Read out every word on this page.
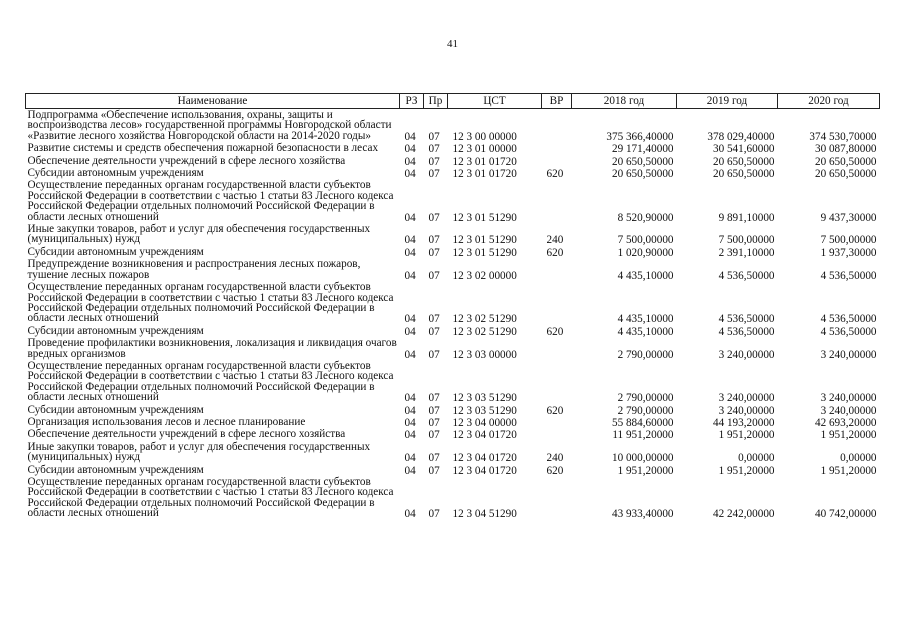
41
Наименование	РЗ	Пр	ЦСТ	ВР	2018 год	2019 год	2020 год
Подпрограмма «Обеспечение использования, охраны, защиты и воспроизводства лесов» государственной программы Новгородской области «Развитие лесного хозяйства Новгородской области на 2014-2020 годы»	04	07	12 3 00 00000		375 366,40000	378 029,40000	374 530,70000
Развитие системы и средств обеспечения пожарной безопасности в лесах	04	07	12 3 01 00000		29 171,40000	30 541,60000	30 087,80000
Обеспечение деятельности учреждений в сфере лесного хозяйства	04	07	12 3 01 01720		20 650,50000	20 650,50000	20 650,50000
Субсидии автономным учреждениям	04	07	12 3 01 01720	620	20 650,50000	20 650,50000	20 650,50000
Осуществление переданных органам государственной власти субъектов Российской Федерации в соответствии с частью 1 статьи 83 Лесного кодекса Российской Федерации отдельных полномочий Российской Федерации в области лесных отношений	04	07	12 3 01 51290		8 520,90000	9 891,10000	9 437,30000
Иные закупки товаров, работ и услуг для обеспечения государственных (муниципальных) нужд	04	07	12 3 01 51290	240	7 500,00000	7 500,00000	7 500,00000
Субсидии автономным учреждениям	04	07	12 3 01 51290	620	1 020,90000	2 391,10000	1 937,30000
Предупреждение возникновения и распространения лесных пожаров, тушение лесных пожаров	04	07	12 3 02 00000		4 435,10000	4 536,50000	4 536,50000
Осуществление переданных органам государственной власти субъектов Российской Федерации в соответствии с частью 1 статьи 83 Лесного кодекса Российской Федерации отдельных полномочий Российской Федерации в области лесных отношений	04	07	12 3 02 51290		4 435,10000	4 536,50000	4 536,50000
Субсидии автономным учреждениям	04	07	12 3 02 51290	620	4 435,10000	4 536,50000	4 536,50000
Проведение профилактики возникновения, локализация и ликвидация очагов вредных организмов	04	07	12 3 03 00000		2 790,00000	3 240,00000	3 240,00000
Осуществление переданных органам государственной власти субъектов Российской Федерации в соответствии с частью 1 статьи 83 Лесного кодекса Российской Федерации отдельных полномочий Российской Федерации в области лесных отношений	04	07	12 3 03 51290		2 790,00000	3 240,00000	3 240,00000
Субсидии автономным учреждениям	04	07	12 3 03 51290	620	2 790,00000	3 240,00000	3 240,00000
Организация использования лесов и лесное планирование	04	07	12 3 04 00000		55 884,60000	44 193,20000	42 693,20000
Обеспечение деятельности учреждений в сфере лесного хозяйства	04	07	12 3 04 01720		11 951,20000	1 951,20000	1 951,20000
Иные закупки товаров, работ и услуг для обеспечения государственных (муниципальных) нужд	04	07	12 3 04 01720	240	10 000,00000	0,00000	0,00000
Субсидии автономным учреждениям	04	07	12 3 04 01720	620	1 951,20000	1 951,20000	1 951,20000
Осуществление переданных органам государственной власти субъектов Российской Федерации в соответствии с частью 1 статьи 83 Лесного кодекса Российской Федерации отдельных полномочий Российской Федерации в области лесных отношений	04	07	12 3 04 51290		43 933,40000	42 242,00000	40 742,00000
